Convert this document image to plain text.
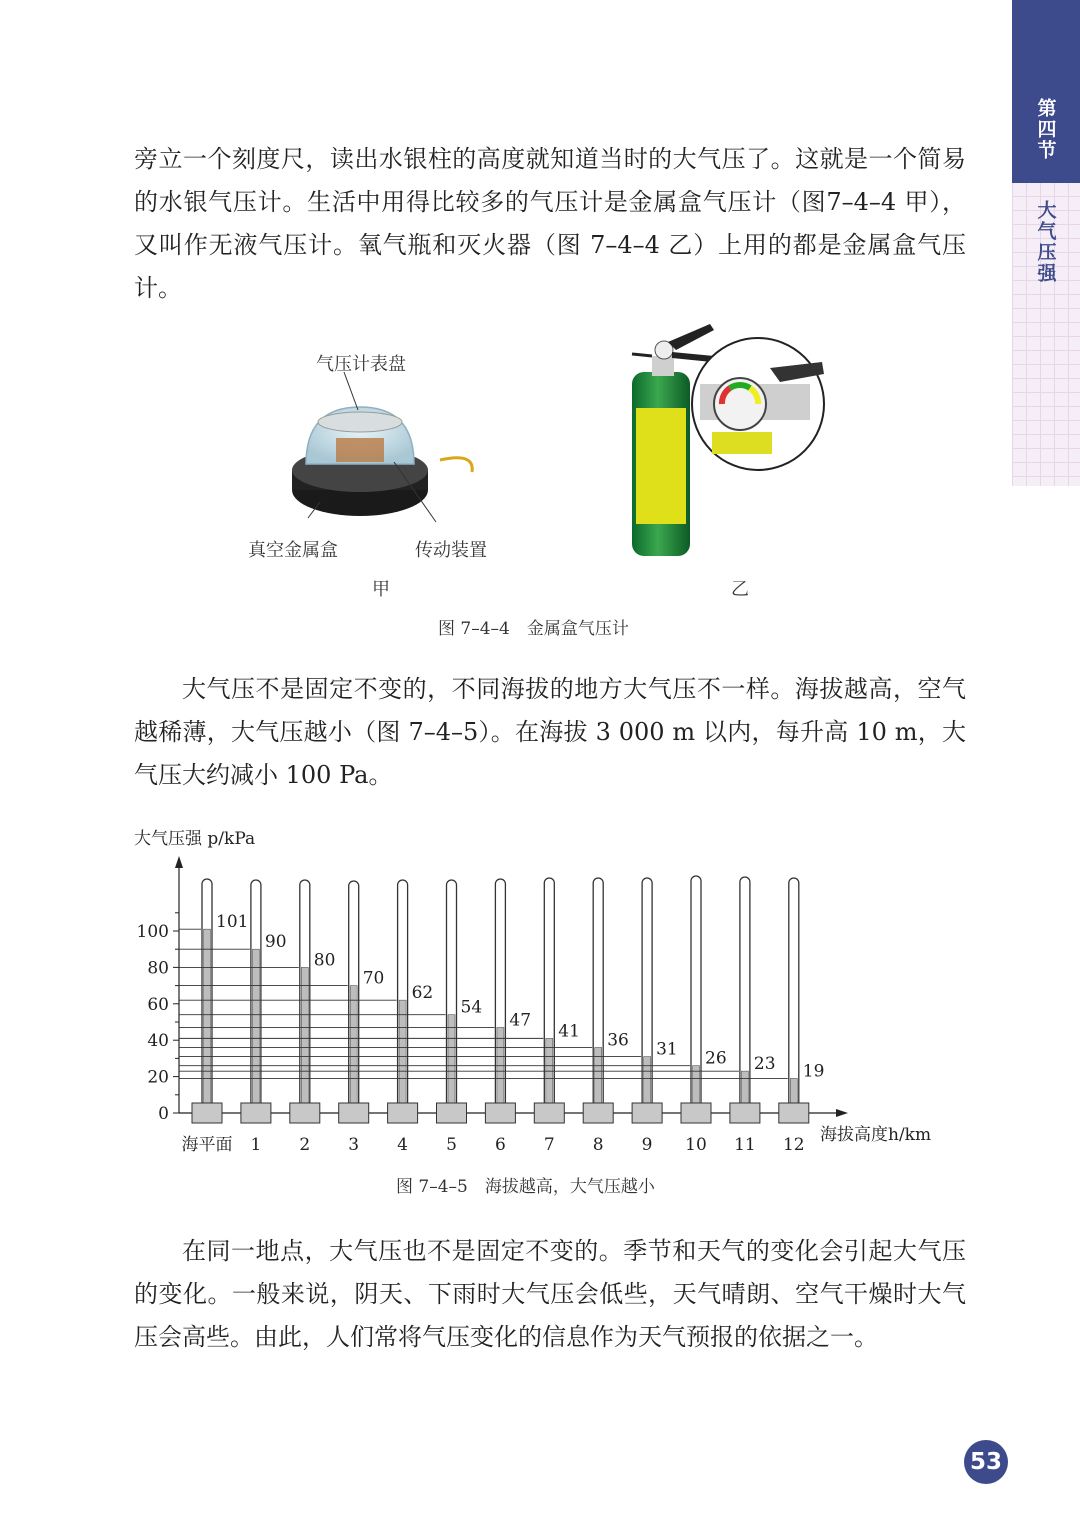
第四节
大气压强

旁立一个刻度尺，读出水银柱的高度就知道当时的大气压了。这就是一个简易的水银气压计。生活中用得比较多的气压计是金属盒气压计（图7–4–4 甲），又叫作无液气压计。氧气瓶和灭火器（图 7–4–4 乙）上用的都是金属盒气压计。

气压计表盘
真空金属盒	传动装置
甲	乙
图 7–4–4　金属盒气压计

大气压不是固定不变的，不同海拔的地方大气压不一样。海拔越高，空气越稀薄，大气压越小（图 7–4–5）。在海拔 3 000 m 以内，每升高 10 m，大气压大约减小 100 Pa。

0
20
40
60
80
100	101
海平面
90
1
80
2
70
3
62
4
54
5
47
6
41
7
36
8
31
9
26
10
23
11
19
12
大气压强 p/kPa
海拔高度h/km
图 7–4–5　海拔越高，大气压越小

在同一地点，大气压也不是固定不变的。季节和天气的变化会引起大气压的变化。一般来说，阴天、下雨时大气压会低些，天气晴朗、空气干燥时大气压会高些。由此，人们常将气压变化的信息作为天气预报的依据之一。

53
